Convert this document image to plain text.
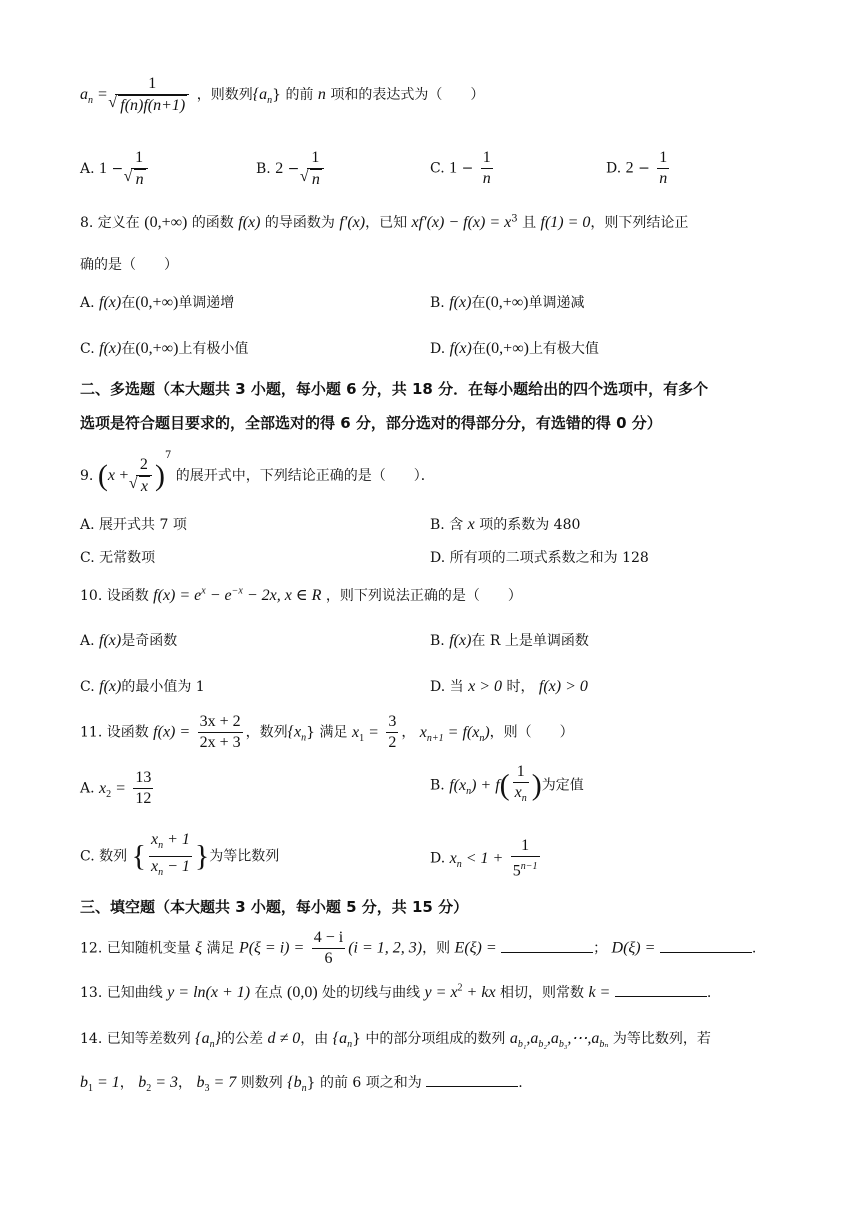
$a_n = 1$
√ f(n)f(n+1) ，则数列$\{a_n\}$ 的前 n 项和的表达式为（　　）
A. 1 − 1
√ n	B. 2 − 1
√ n	C. $1 - \frac{1}{n}$	D. $2 - \frac{1}{n}$
8. 定义在 (0,+∞) 的函数 f(x) 的导函数为 f′(x)，已知 $xf'(x) - f(x) = x^3$ 且 f(1) = 0，则下列结论正
确的是（　　）
A. f(x)在(0,+∞)单调递增	B. f(x)在(0,+∞)单调递减
C. f(x)在(0,+∞)上有极小值	D. f(x)在(0,+∞)上有极大值
二、多选题（本大题共 3 小题，每小题 6 分，共 18 分．在每小题给出的四个选项中，有多个
选项是符合题目要求的，全部选对的得 6 分，部分选对的得部分分，有选错的得 0 分）
9. (x + 2
√ x )$^7$ 的展开式中，下列结论正确的是（　　）．
A. 展开式共 7 项	B. 含 x 项的系数为 480
C. 无常数项	D. 所有项的二项式系数之和为 128
10. 设函数 $f(x) = e^x - e^{-x} - 2x$, x ∈ R ，则下列说法正确的是（　　）
A. f(x)是奇函数	B. f(x)在 R 上是单调函数
C. f(x)的最小值为 1	D. 当 x > 0 时， f(x) > 0
11. 设函数 $f(x) = \frac{3x + 2}{2x + 3}$ ，数列$\{x_n\}$ 满足 $x_1 = \frac{3}{2}$ ， $x_{n+1} = f(x_n)$，则（　　）
A. $x_2 = \frac{13}{12}$	B. $f(x_n) + f( \frac{1}{x_n}$ )为定值
C. 数列 { $\frac{x_n + 1}{x_n - 1}$ }为等比数列	D. $x_n < 1 + \frac{1}{5^{n-1}}$
三、填空题（本大题共 3 小题，每小题 5 分，共 15 分）
12. 已知随机变量 ξ 满足 $P(\xi = i) = \frac{4 - i}{6} (i = 1$, 2, 3)，则 E(ξ) =	； D(ξ) =	.
13. 已知曲线 y = ln(x + 1) 在点 (0,0) 处的切线与曲线 $y = x^2$ + kx 相切，则常数 k =	.
14. 已知等差数列 $\{a_n\}$的公差 d ≠ 0，由 $\{a_n\}$ 中的部分项组成的数列 $a_{b_1},a_{b_2},a_{b_3},\cdots,a_{b_n}$ 为等比数列，若
$b_1 = 1$， $b_2 = 3$， $b_3 = 7$ 则数列 $\{b_n\}$ 的前 6 项之和为	.
